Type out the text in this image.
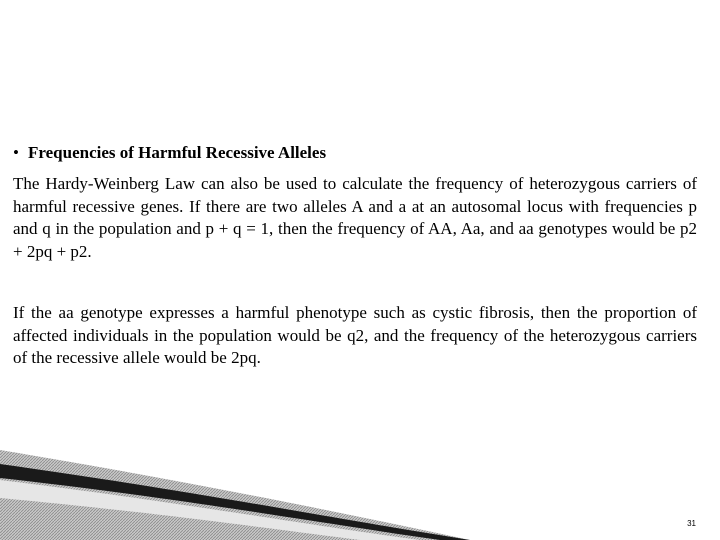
• Frequencies of Harmful Recessive Alleles

The Hardy-Weinberg Law can also be used to calculate the frequency of heterozygous carriers of harmful recessive genes. If there are two alleles A and a at an autosomal locus with frequencies p and q in the population and p + q = 1, then the frequency of AA, Aa, and aa genotypes would be p2 + 2pq + p2.

If the aa genotype expresses a harmful phenotype such as cystic fibrosis, then the proportion of affected individuals in the population would be q2, and the frequency of the heterozygous carriers of the recessive allele would be 2pq.

31
